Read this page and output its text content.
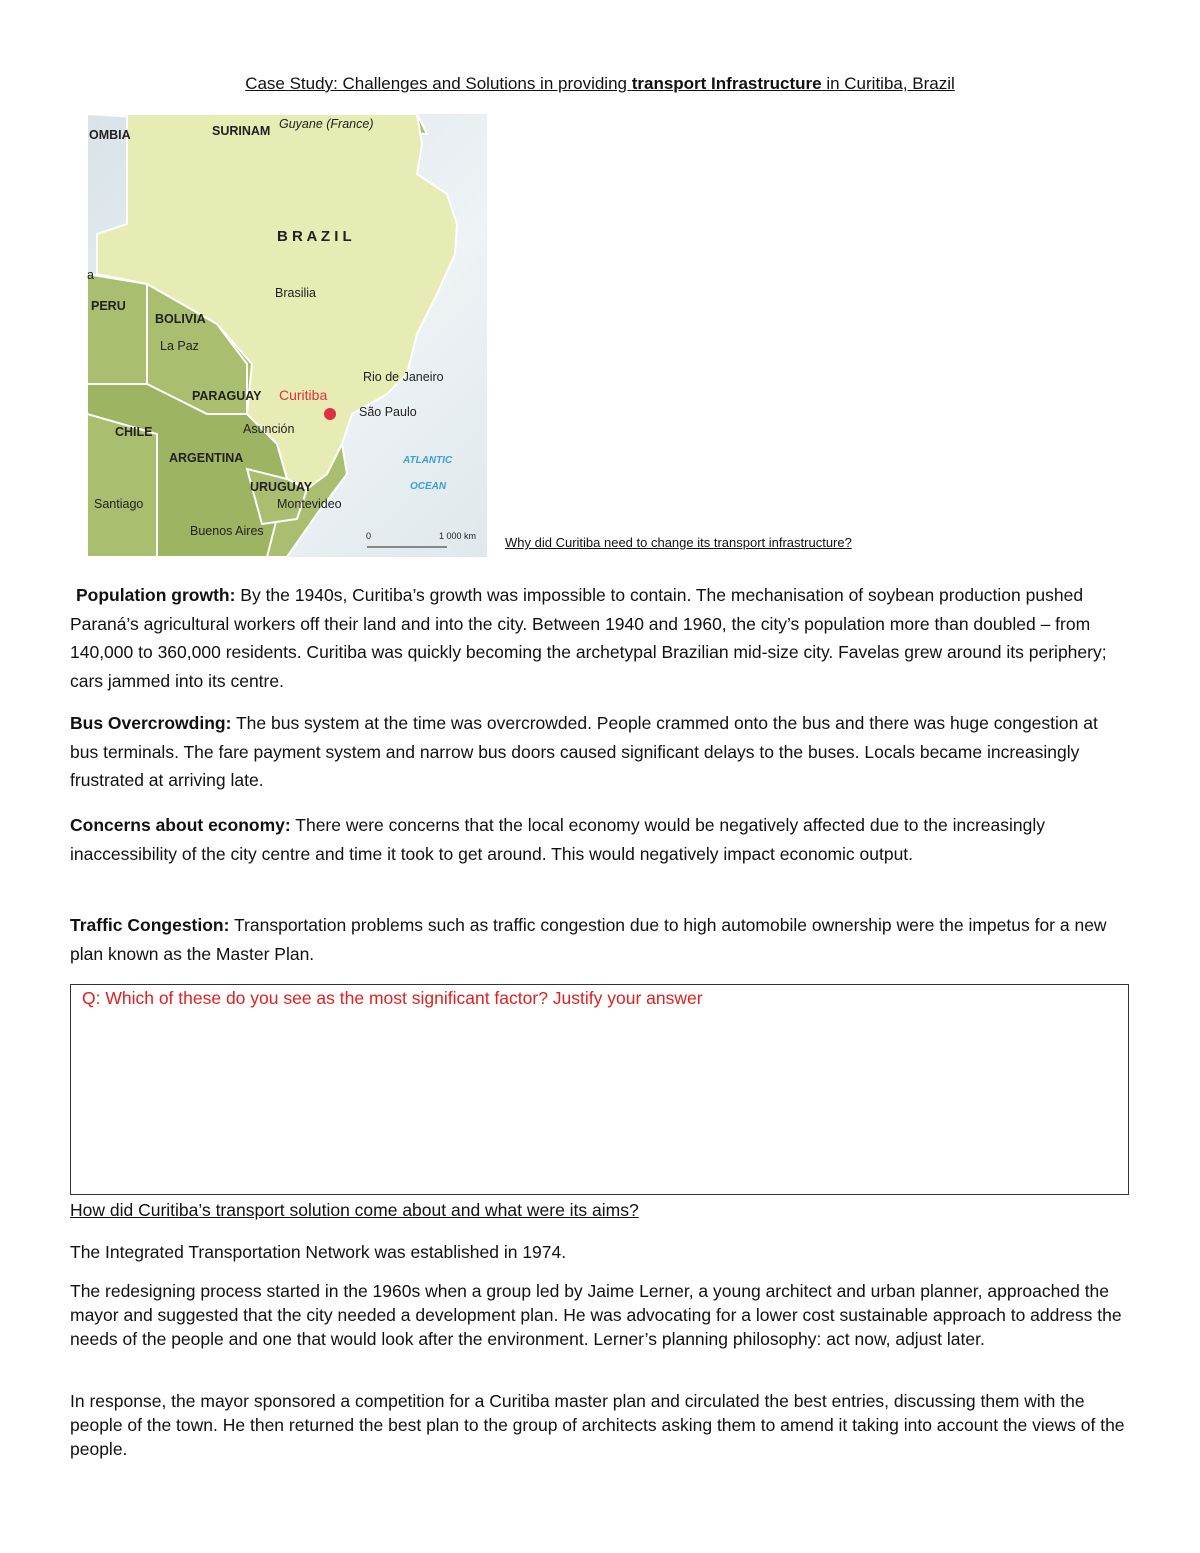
Case Study: Challenges and Solutions in providing transport Infrastructure in Curitiba, Brazil
OMBIA	SURINAM Guyane (France)
B R A Z I L
Brasilia
a
PERU
BOLIVIA
La Paz
Rio de Janeiro
PARAGUAY Curitiba
São Paulo
CHILE	Asunción
ARGENTINA	ATLANTIC
OCEAN
URUGUAY
Montevideo
Santiago
Buenos Aires	0	1 000 km Why did Curitiba need to change its transport infrastructure?
Population growth: By the 1940s, Curitiba’s growth was impossible to contain. The mechanisation of soybean production pushed Paraná’s agricultural workers off their land and into the city. Between 1940 and 1960, the city’s population more than doubled – from 140,000 to 360,000 residents. Curitiba was quickly becoming the archetypal Brazilian mid-size city. Favelas grew around its periphery; cars jammed into its centre.
Bus Overcrowding: The bus system at the time was overcrowded. People crammed onto the bus and there was huge congestion at bus terminals. The fare payment system and narrow bus doors caused significant delays to the buses. Locals became increasingly frustrated at arriving late.
Concerns about economy: There were concerns that the local economy would be negatively affected due to the increasingly inaccessibility of the city centre and time it took to get around. This would negatively impact economic output.
Traffic Congestion: Transportation problems such as traffic congestion due to high automobile ownership were the impetus for a new plan known as the Master Plan.
Q: Which of these do you see as the most significant factor? Justify your answer
How did Curitiba’s transport solution come about and what were its aims?
The Integrated Transportation Network was established in 1974.
The redesigning process started in the 1960s when a group led by Jaime Lerner, a young architect and urban planner, approached the mayor and suggested that the city needed a development plan. He was advocating for a lower cost sustainable approach to address the needs of the people and one that would look after the environment. Lerner’s planning philosophy: act now, adjust later.
In response, the mayor sponsored a competition for a Curitiba master plan and circulated the best entries, discussing them with the people of the town. He then returned the best plan to the group of architects asking them to amend it taking into account the views of the people.
